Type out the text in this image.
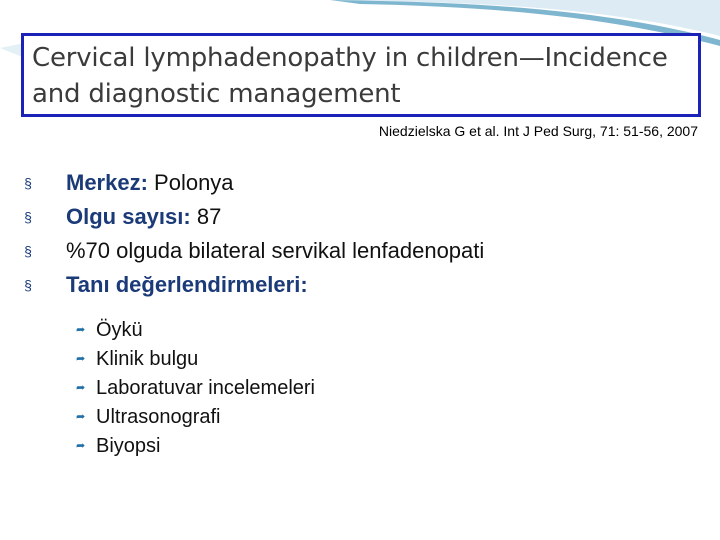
Cervical lymphadenopathy in children—Incidence and diagnostic management
Niedzielska G et al. Int J Ped Surg, 71: 51-56, 2007
§ Merkez: Polonya
§ Olgu sayısı: 87
§ %70 olguda bilateral servikal lenfadenopati
§ Tanı değerlendirmeleri:
➦ Öykü
➦ Klinik bulgu
➦ Laboratuvar incelemeleri
➦ Ultrasonografi
➦ Biyopsi
